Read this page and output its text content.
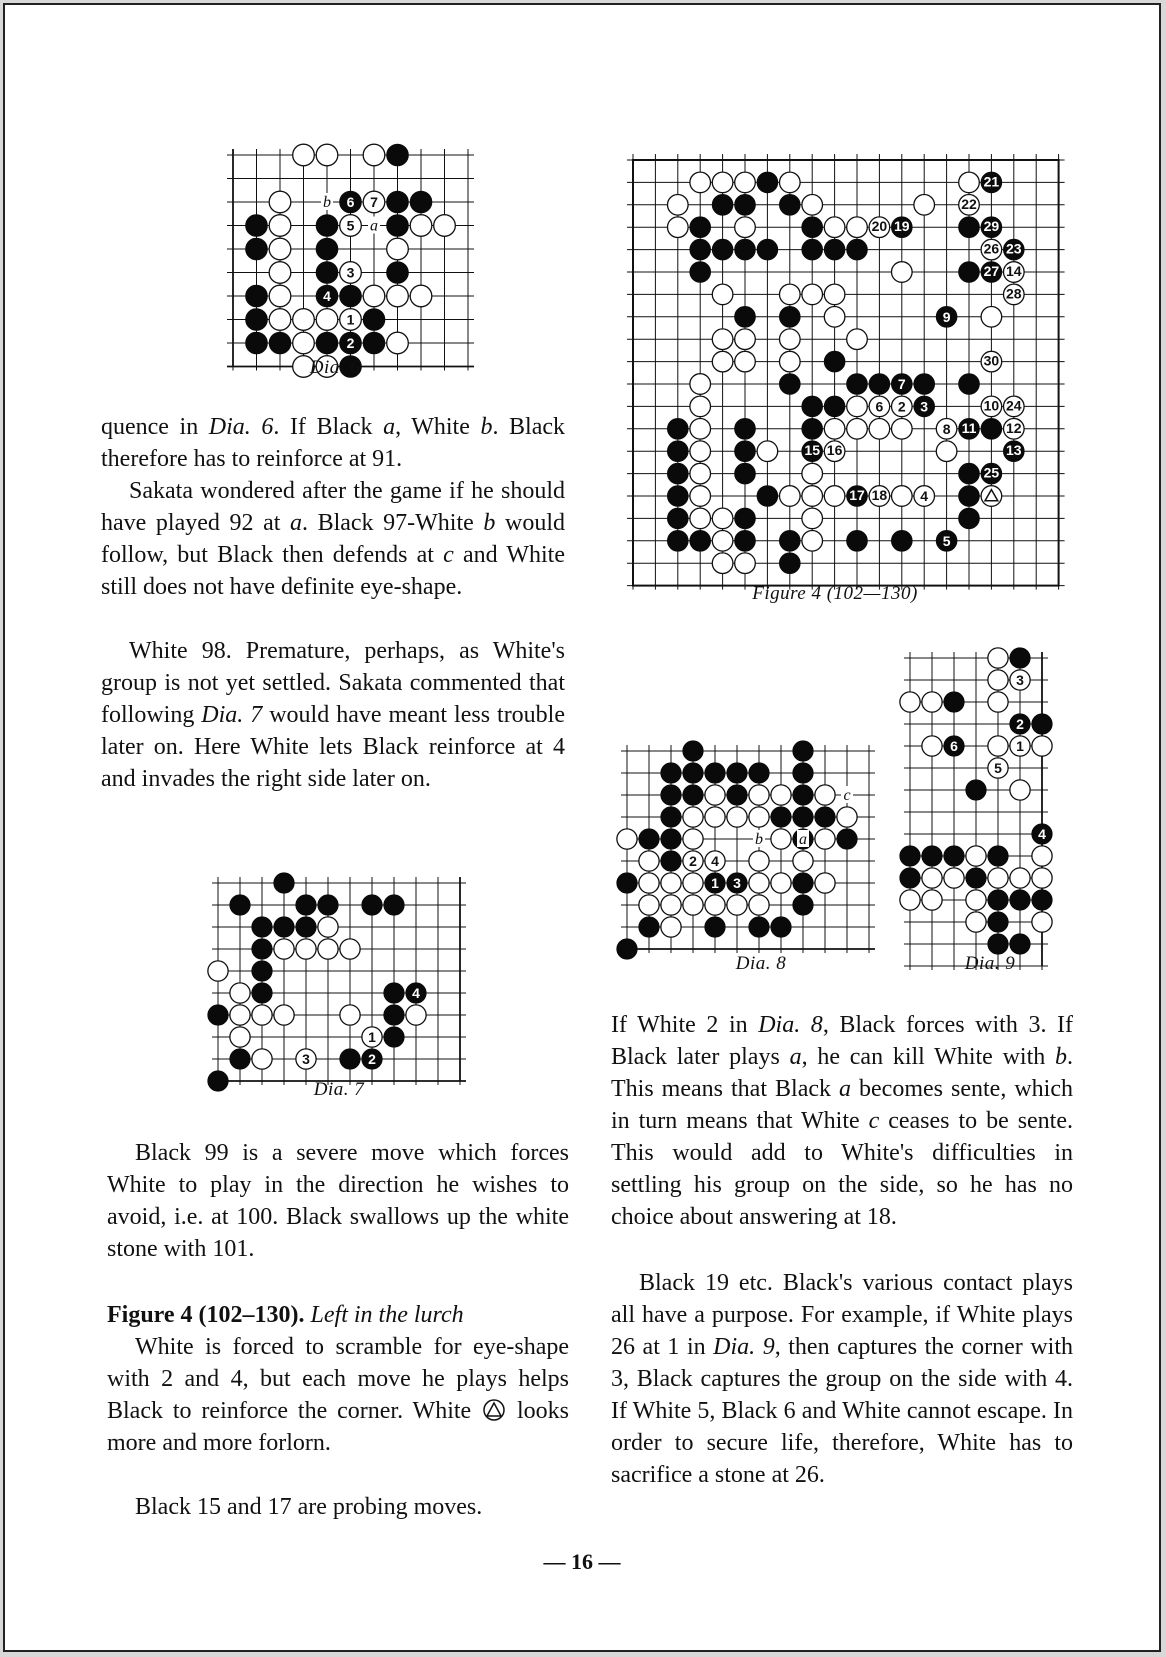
6 7
5
3
4
1
2
b
a
Dia. 6
21
22
20 19	29
26 23
27 14
28
9
30
7
6 2 3	10 24
8 11 12
15 16	13
25
17 18 4
5
Figure 4 (102—130)

quence in Dia. 6. If Black a, White b. Black therefore has to reinforce at 91.

Sakata wondered after the game if he should have played 92 at a. Black 97-White b would follow, but Black then defends at c and White still does not have definite eye-shape.

White 98. Premature, perhaps, as White's group is not yet settled. Sakata commented that following Dia. 7 would have meant less trouble later on. Here White lets Black reinforce at 4 and invades the right side later on.

4
1
3	2
Dia. 7

Black 99 is a severe move which forces White to play in the direction he wishes to avoid, i.e. at 100. Black swallows up the white stone with 101.

Figure 4 (102–130). Left in the lurch
White is forced to scramble for eye-shape with 2 and 4, but each move he plays helps Black to reinforce the corner. White  looks more and more forlorn.

Black 15 and 17 are probing moves.

2 4
1 3
c
b a
Dia. 8
3
2
6	1
5
4
Dia. 9

If White 2 in Dia. 8, Black forces with 3. If Black later plays a, he can kill White with b. This means that Black a becomes sente, which in turn means that White c ceases to be sente. This would add to White's difficulties in settling his group on the side, so he has no choice about answering at 18.

Black 19 etc. Black's various contact plays all have a purpose. For example, if White plays 26 at 1 in Dia. 9, then captures the corner with 3, Black captures the group on the side with 4. If White 5, Black 6 and White cannot escape. In order to secure life, therefore, White has to sacrifice a stone at 26.

— 16 —
